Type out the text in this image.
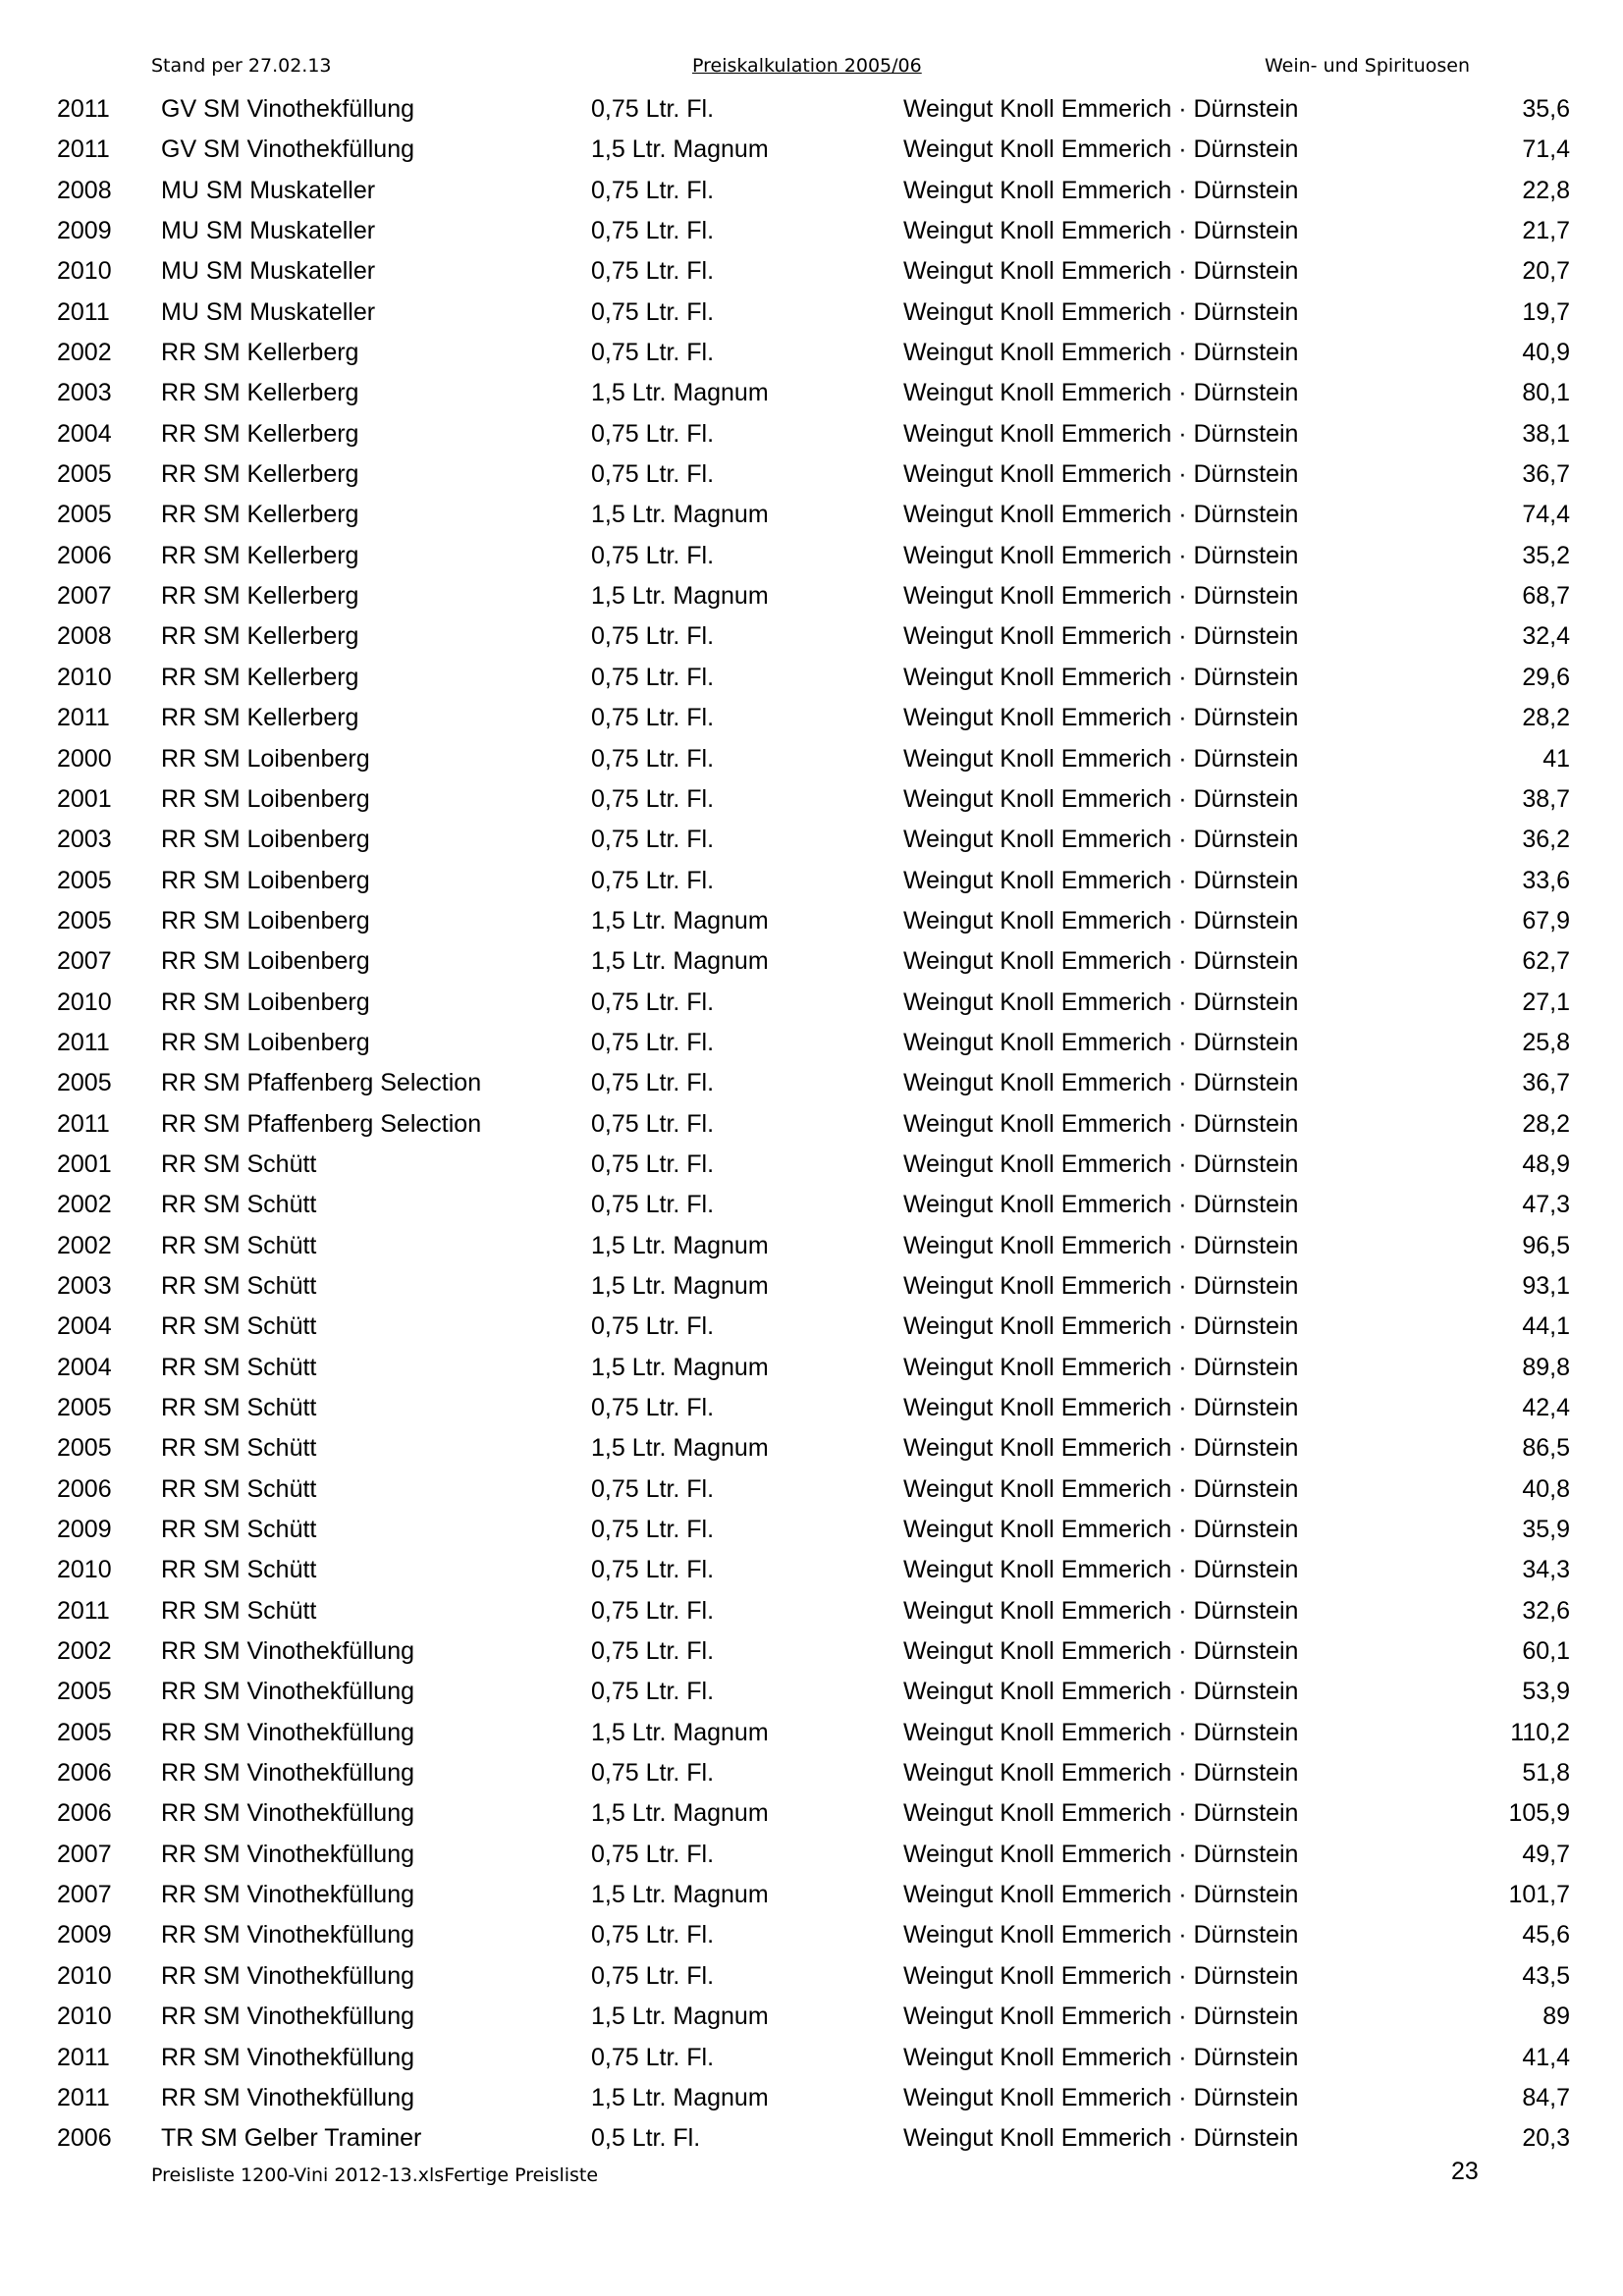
Stand per 27.02.13	Preiskalkulation 2005/06	Wein- und Spirituosen
2011 GV SM Vinothekfüllung	0,75 Ltr. Fl.	Weingut Knoll Emmerich · Dürnstein	35,6
2011 GV SM Vinothekfüllung	1,5 Ltr. Magnum	Weingut Knoll Emmerich · Dürnstein	71,4
2008 MU SM Muskateller	0,75 Ltr. Fl.	Weingut Knoll Emmerich · Dürnstein	22,8
2009 MU SM Muskateller	0,75 Ltr. Fl.	Weingut Knoll Emmerich · Dürnstein	21,7
2010 MU SM Muskateller	0,75 Ltr. Fl.	Weingut Knoll Emmerich · Dürnstein	20,7
2011 MU SM Muskateller	0,75 Ltr. Fl.	Weingut Knoll Emmerich · Dürnstein	19,7
2002 RR SM Kellerberg	0,75 Ltr. Fl.	Weingut Knoll Emmerich · Dürnstein	40,9
2003 RR SM Kellerberg	1,5 Ltr. Magnum	Weingut Knoll Emmerich · Dürnstein	80,1
2004 RR SM Kellerberg	0,75 Ltr. Fl.	Weingut Knoll Emmerich · Dürnstein	38,1
2005 RR SM Kellerberg	0,75 Ltr. Fl.	Weingut Knoll Emmerich · Dürnstein	36,7
2005 RR SM Kellerberg	1,5 Ltr. Magnum	Weingut Knoll Emmerich · Dürnstein	74,4
2006 RR SM Kellerberg	0,75 Ltr. Fl.	Weingut Knoll Emmerich · Dürnstein	35,2
2007 RR SM Kellerberg	1,5 Ltr. Magnum	Weingut Knoll Emmerich · Dürnstein	68,7
2008 RR SM Kellerberg	0,75 Ltr. Fl.	Weingut Knoll Emmerich · Dürnstein	32,4
2010 RR SM Kellerberg	0,75 Ltr. Fl.	Weingut Knoll Emmerich · Dürnstein	29,6
2011 RR SM Kellerberg	0,75 Ltr. Fl.	Weingut Knoll Emmerich · Dürnstein	28,2
2000 RR SM Loibenberg	0,75 Ltr. Fl.	Weingut Knoll Emmerich · Dürnstein	41
2001 RR SM Loibenberg	0,75 Ltr. Fl.	Weingut Knoll Emmerich · Dürnstein	38,7
2003 RR SM Loibenberg	0,75 Ltr. Fl.	Weingut Knoll Emmerich · Dürnstein	36,2
2005 RR SM Loibenberg	0,75 Ltr. Fl.	Weingut Knoll Emmerich · Dürnstein	33,6
2005 RR SM Loibenberg	1,5 Ltr. Magnum	Weingut Knoll Emmerich · Dürnstein	67,9
2007 RR SM Loibenberg	1,5 Ltr. Magnum	Weingut Knoll Emmerich · Dürnstein	62,7
2010 RR SM Loibenberg	0,75 Ltr. Fl.	Weingut Knoll Emmerich · Dürnstein	27,1
2011 RR SM Loibenberg	0,75 Ltr. Fl.	Weingut Knoll Emmerich · Dürnstein	25,8
2005 RR SM Pfaffenberg Selection	0,75 Ltr. Fl.	Weingut Knoll Emmerich · Dürnstein	36,7
2011 RR SM Pfaffenberg Selection	0,75 Ltr. Fl.	Weingut Knoll Emmerich · Dürnstein	28,2
2001 RR SM Schütt	0,75 Ltr. Fl.	Weingut Knoll Emmerich · Dürnstein	48,9
2002 RR SM Schütt	0,75 Ltr. Fl.	Weingut Knoll Emmerich · Dürnstein	47,3
2002 RR SM Schütt	1,5 Ltr. Magnum	Weingut Knoll Emmerich · Dürnstein	96,5
2003 RR SM Schütt	1,5 Ltr. Magnum	Weingut Knoll Emmerich · Dürnstein	93,1
2004 RR SM Schütt	0,75 Ltr. Fl.	Weingut Knoll Emmerich · Dürnstein	44,1
2004 RR SM Schütt	1,5 Ltr. Magnum	Weingut Knoll Emmerich · Dürnstein	89,8
2005 RR SM Schütt	0,75 Ltr. Fl.	Weingut Knoll Emmerich · Dürnstein	42,4
2005 RR SM Schütt	1,5 Ltr. Magnum	Weingut Knoll Emmerich · Dürnstein	86,5
2006 RR SM Schütt	0,75 Ltr. Fl.	Weingut Knoll Emmerich · Dürnstein	40,8
2009 RR SM Schütt	0,75 Ltr. Fl.	Weingut Knoll Emmerich · Dürnstein	35,9
2010 RR SM Schütt	0,75 Ltr. Fl.	Weingut Knoll Emmerich · Dürnstein	34,3
2011 RR SM Schütt	0,75 Ltr. Fl.	Weingut Knoll Emmerich · Dürnstein	32,6
2002 RR SM Vinothekfüllung	0,75 Ltr. Fl.	Weingut Knoll Emmerich · Dürnstein	60,1
2005 RR SM Vinothekfüllung	0,75 Ltr. Fl.	Weingut Knoll Emmerich · Dürnstein	53,9
2005 RR SM Vinothekfüllung	1,5 Ltr. Magnum	Weingut Knoll Emmerich · Dürnstein	110,2
2006 RR SM Vinothekfüllung	0,75 Ltr. Fl.	Weingut Knoll Emmerich · Dürnstein	51,8
2006 RR SM Vinothekfüllung	1,5 Ltr. Magnum	Weingut Knoll Emmerich · Dürnstein	105,9
2007 RR SM Vinothekfüllung	0,75 Ltr. Fl.	Weingut Knoll Emmerich · Dürnstein	49,7
2007 RR SM Vinothekfüllung	1,5 Ltr. Magnum	Weingut Knoll Emmerich · Dürnstein	101,7
2009 RR SM Vinothekfüllung	0,75 Ltr. Fl.	Weingut Knoll Emmerich · Dürnstein	45,6
2010 RR SM Vinothekfüllung	0,75 Ltr. Fl.	Weingut Knoll Emmerich · Dürnstein	43,5
2010 RR SM Vinothekfüllung	1,5 Ltr. Magnum	Weingut Knoll Emmerich · Dürnstein	89
2011 RR SM Vinothekfüllung	0,75 Ltr. Fl.	Weingut Knoll Emmerich · Dürnstein	41,4
2011 RR SM Vinothekfüllung	1,5 Ltr. Magnum	Weingut Knoll Emmerich · Dürnstein	84,7
2006 TR SM Gelber Traminer	0,5 Ltr. Fl.	Weingut Knoll Emmerich · Dürnstein	20,3
Preisliste 1200-Vini 2012-13.xlsFertige Preisliste	23
